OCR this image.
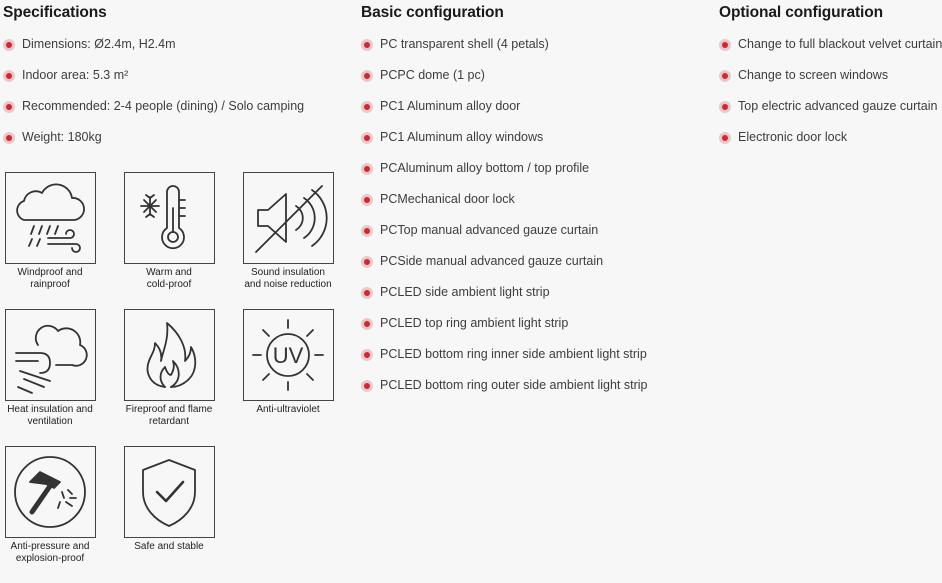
Specifications
Dimensions: Ø2.4m, H2.4m
Indoor area: 5.3 m²
Recommended: 2-4 people (dining) / Solo camping
Weight: 180kg
Basic configuration
PC transparent shell (4 petals)
PCPC dome (1 pc)
PC1 Aluminum alloy door
PC1 Aluminum alloy windows
PCAluminum alloy bottom / top profile
PCMechanical door lock
PCTop manual advanced gauze curtain
PCSide manual advanced gauze curtain
PCLED side ambient light strip
PCLED top ring ambient light strip
PCLED bottom ring inner side ambient light strip
PCLED bottom ring outer side ambient light strip
Optional configuration
Change to full blackout velvet curtain
Change to screen windows
Top electric advanced gauze curtain
Electronic door lock
Windproof and
rainproof
Warm and
cold-proof
Sound insulation
and noise reduction
Heat insulation and
ventilation
Fireproof and flame
retardant
UV
Anti-ultraviolet
Anti-pressure and
explosion-proof
Safe and stable
